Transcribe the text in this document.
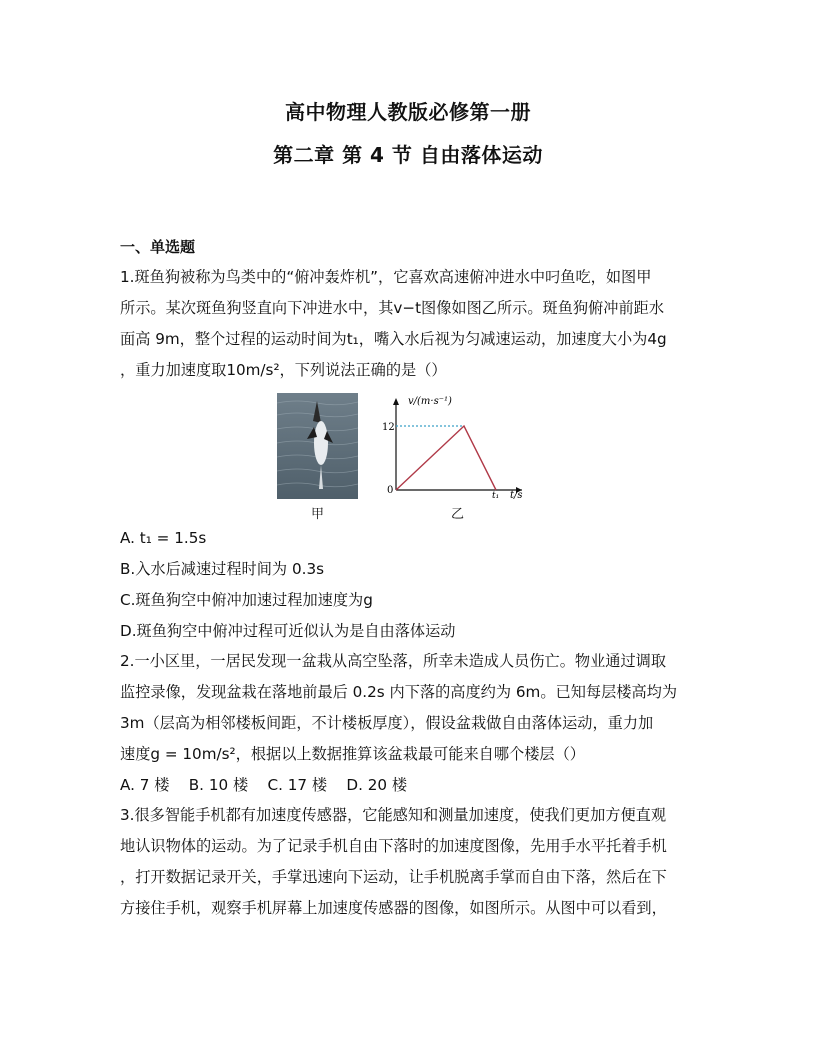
高中物理人教版必修第一册
第二章 第 4 节 自由落体运动
一、单选题
1.斑鱼狗被称为鸟类中的“俯冲轰炸机”，它喜欢高速俯冲进水中叼鱼吃，如图甲
所示。某次斑鱼狗竖直向下冲进水中，其v−t图像如图乙所示。斑鱼狗俯冲前距水
面高 9m，整个过程的运动时间为t₁，嘴入水后视为匀减速运动，加速度大小为4g
，重力加速度取10m/s²，下列说法正确的是（）
v/(m·s⁻¹)
12
0	t₁ t/s
甲	乙
A. t₁ = 1.5s
B.入水后减速过程时间为 0.3s
C.斑鱼狗空中俯冲加速过程加速度为g
D.斑鱼狗空中俯冲过程可近似认为是自由落体运动
2.一小区里，一居民发现一盆栽从高空坠落，所幸未造成人员伤亡。物业通过调取
监控录像，发现盆栽在落地前最后 0.2s 内下落的高度约为 6m。已知每层楼高均为
3m（层高为相邻楼板间距，不计楼板厚度），假设盆栽做自由落体运动，重力加
速度g = 10m/s²，根据以上数据推算该盆栽最可能来自哪个楼层（）
A. 7 楼    B. 10 楼    C. 17 楼    D. 20 楼
3.很多智能手机都有加速度传感器，它能感知和测量加速度，使我们更加方便直观
地认识物体的运动。为了记录手机自由下落时的加速度图像，先用手水平托着手机
，打开数据记录开关，手掌迅速向下运动，让手机脱离手掌而自由下落，然后在下
方接住手机，观察手机屏幕上加速度传感器的图像，如图所示。从图中可以看到，
